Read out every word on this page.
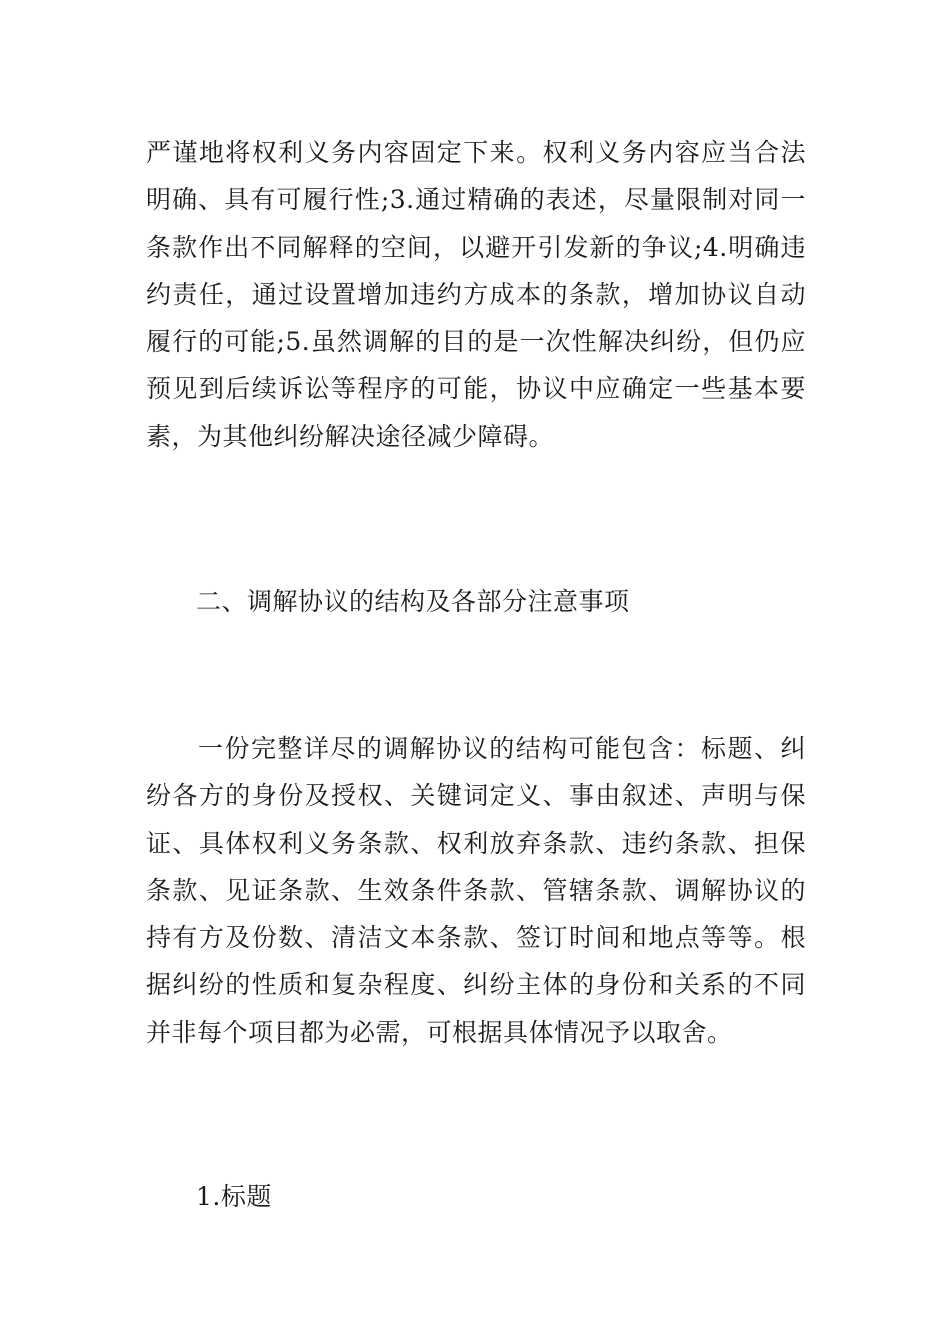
严谨地将权利义务内容固定下来。权利义务内容应当合法明确、具有可履行性;3.通过精确的表述，尽量限制对同一条款作出不同解释的空间，以避开引发新的争议;4.明确违约责任，通过设置增加违约方成本的条款，增加协议自动履行的可能;5.虽然调解的目的是一次性解决纠纷，但仍应预见到后续诉讼等程序的可能，协议中应确定一些基本要素，为其他纠纷解决途径减少障碍。

二、调解协议的结构及各部分注意事项

一份完整详尽的调解协议的结构可能包含：标题、纠纷各方的身份及授权、关键词定义、事由叙述、声明与保证、具体权利义务条款、权利放弃条款、违约条款、担保条款、见证条款、生效条件条款、管辖条款、调解协议的持有方及份数、清洁文本条款、签订时间和地点等等。根据纠纷的性质和复杂程度、纠纷主体的身份和关系的不同并非每个项目都为必需，可根据具体情况予以取舍。

1.标题
